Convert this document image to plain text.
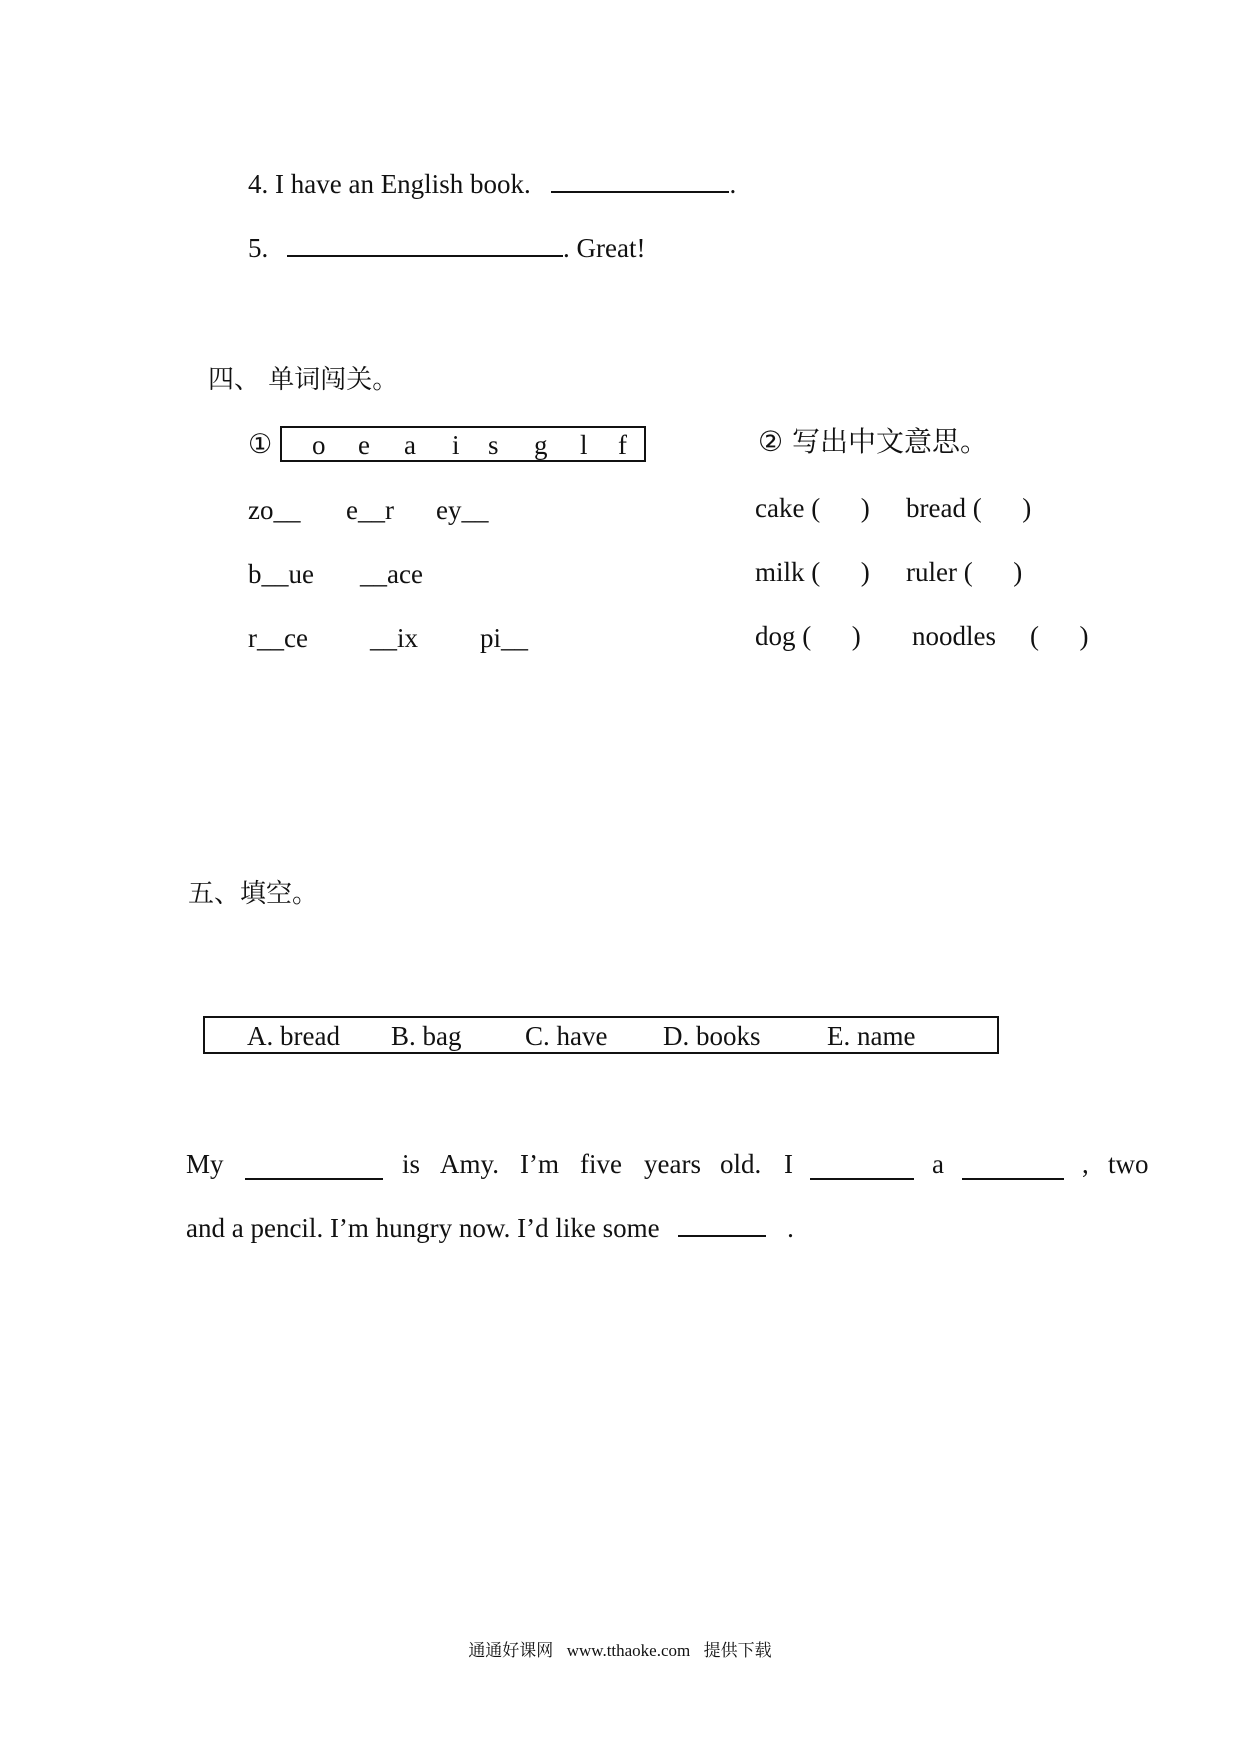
4. I have an English book.	.
5.	. Great!
四、 单词闯关。
① o e a i s g l f	② 写出中文意思。
zo__ e__r ey__
b__ue __ace
r__ce __ix pi__
cake (      ) bread (      )
milk (      ) ruler (      )
dog (      ) noodles (      )
五、填空。
A. bread B. bag C. have D. books E. name
My	is Amy. I’m five years old. I	a	, two
and a pencil. I’m hungry now. I’d like some	.
通通好课网 www.tthaoke.com 提供下载
